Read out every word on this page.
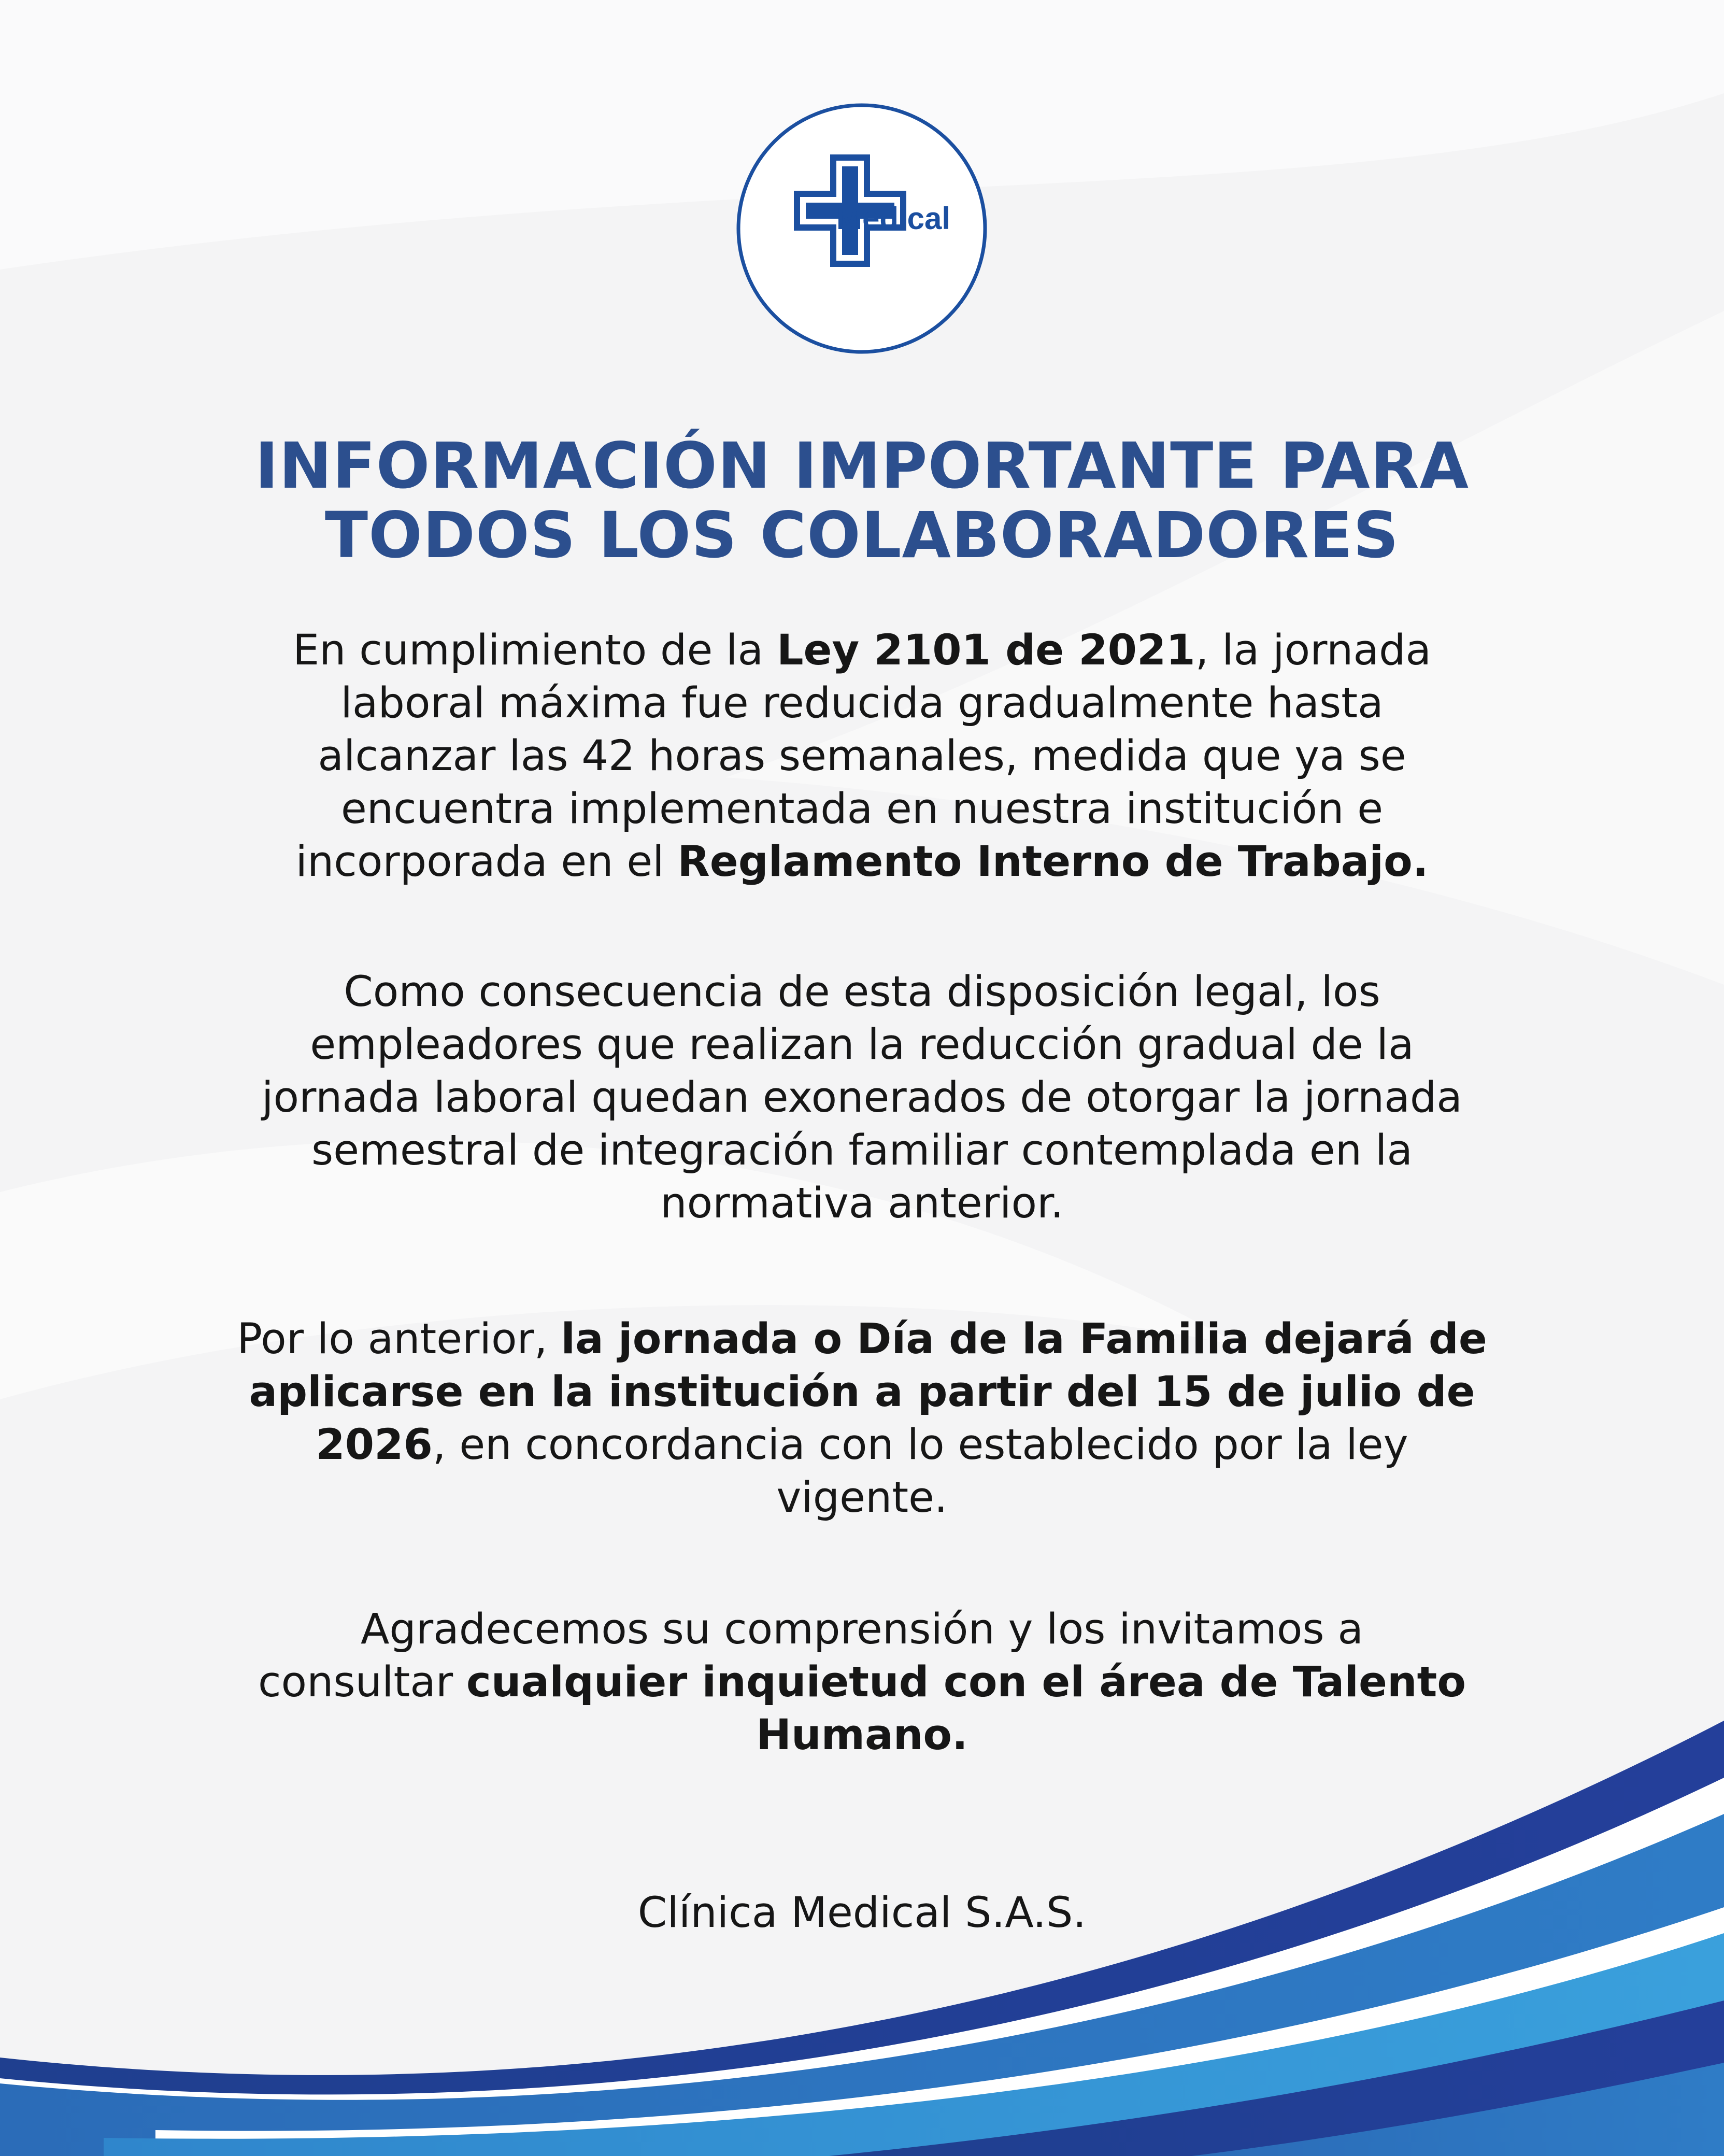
Medical
INFORMACIÓN IMPORTANTE PARA
TODOS LOS COLABORADORES

En cumplimiento de la Ley 2101 de 2021, la jornada
laboral máxima fue reducida gradualmente hasta
alcanzar las 42 horas semanales, medida que ya se
encuentra implementada en nuestra institución e
incorporada en el Reglamento Interno de Trabajo.

Como consecuencia de esta disposición legal, los
empleadores que realizan la reducción gradual de la
jornada laboral quedan exonerados de otorgar la jornada
semestral de integración familiar contemplada en la
normativa anterior.

Por lo anterior, la jornada o Día de la Familia dejará de
aplicarse en la institución a partir del 15 de julio de
2026, en concordancia con lo establecido por la ley
vigente.

Agradecemos su comprensión y los invitamos a
consultar cualquier inquietud con el área de Talento
Humano.

Clínica Medical S.A.S.
